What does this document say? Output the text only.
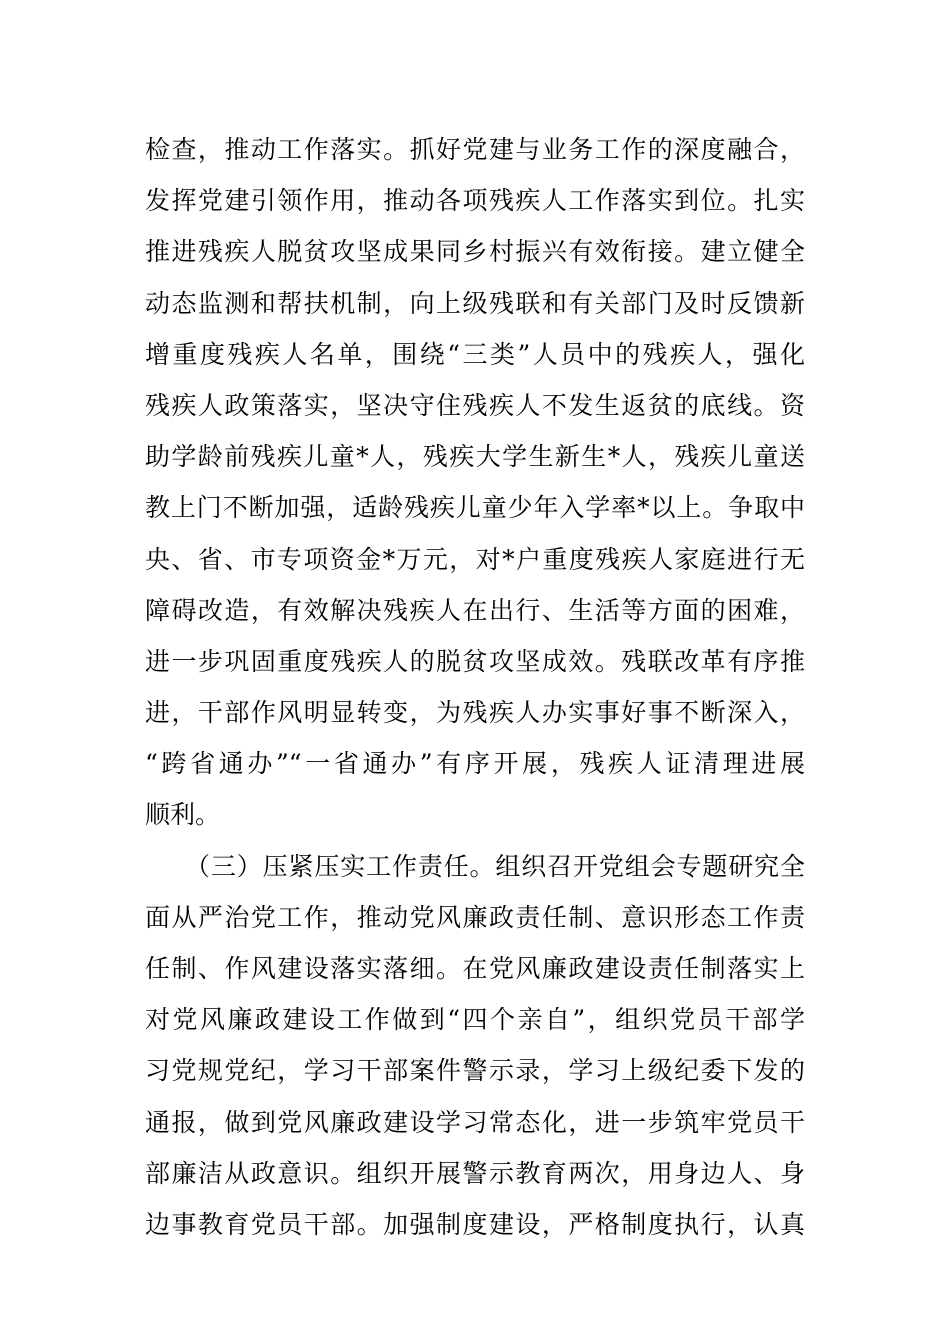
检查，推动工作落实。抓好党建与业务工作的深度融合，
发挥党建引领作用，推动各项残疾人工作落实到位。扎实
推进残疾人脱贫攻坚成果同乡村振兴有效衔接。建立健全
动态监测和帮扶机制，向上级残联和有关部门及时反馈新
增重度残疾人名单，围绕“三类”人员中的残疾人，强化
残疾人政策落实，坚决守住残疾人不发生返贫的底线。资
助学龄前残疾儿童*人，残疾大学生新生*人，残疾儿童送
教上门不断加强，适龄残疾儿童少年入学率*以上。争取中
央、省、市专项资金*万元，对*户重度残疾人家庭进行无
障碍改造，有效解决残疾人在出行、生活等方面的困难，
进一步巩固重度残疾人的脱贫攻坚成效。残联改革有序推
进，干部作风明显转变，为残疾人办实事好事不断深入，
“跨省通办”“一省通办”有序开展，残疾人证清理进展
顺利。
（三）压紧压实工作责任。组织召开党组会专题研究全
面从严治党工作，推动党风廉政责任制、意识形态工作责
任制、作风建设落实落细。在党风廉政建设责任制落实上
对党风廉政建设工作做到“四个亲自”，组织党员干部学
习党规党纪，学习干部案件警示录，学习上级纪委下发的
通报，做到党风廉政建设学习常态化，进一步筑牢党员干
部廉洁从政意识。组织开展警示教育两次，用身边人、身
边事教育党员干部。加强制度建设，严格制度执行，认真
